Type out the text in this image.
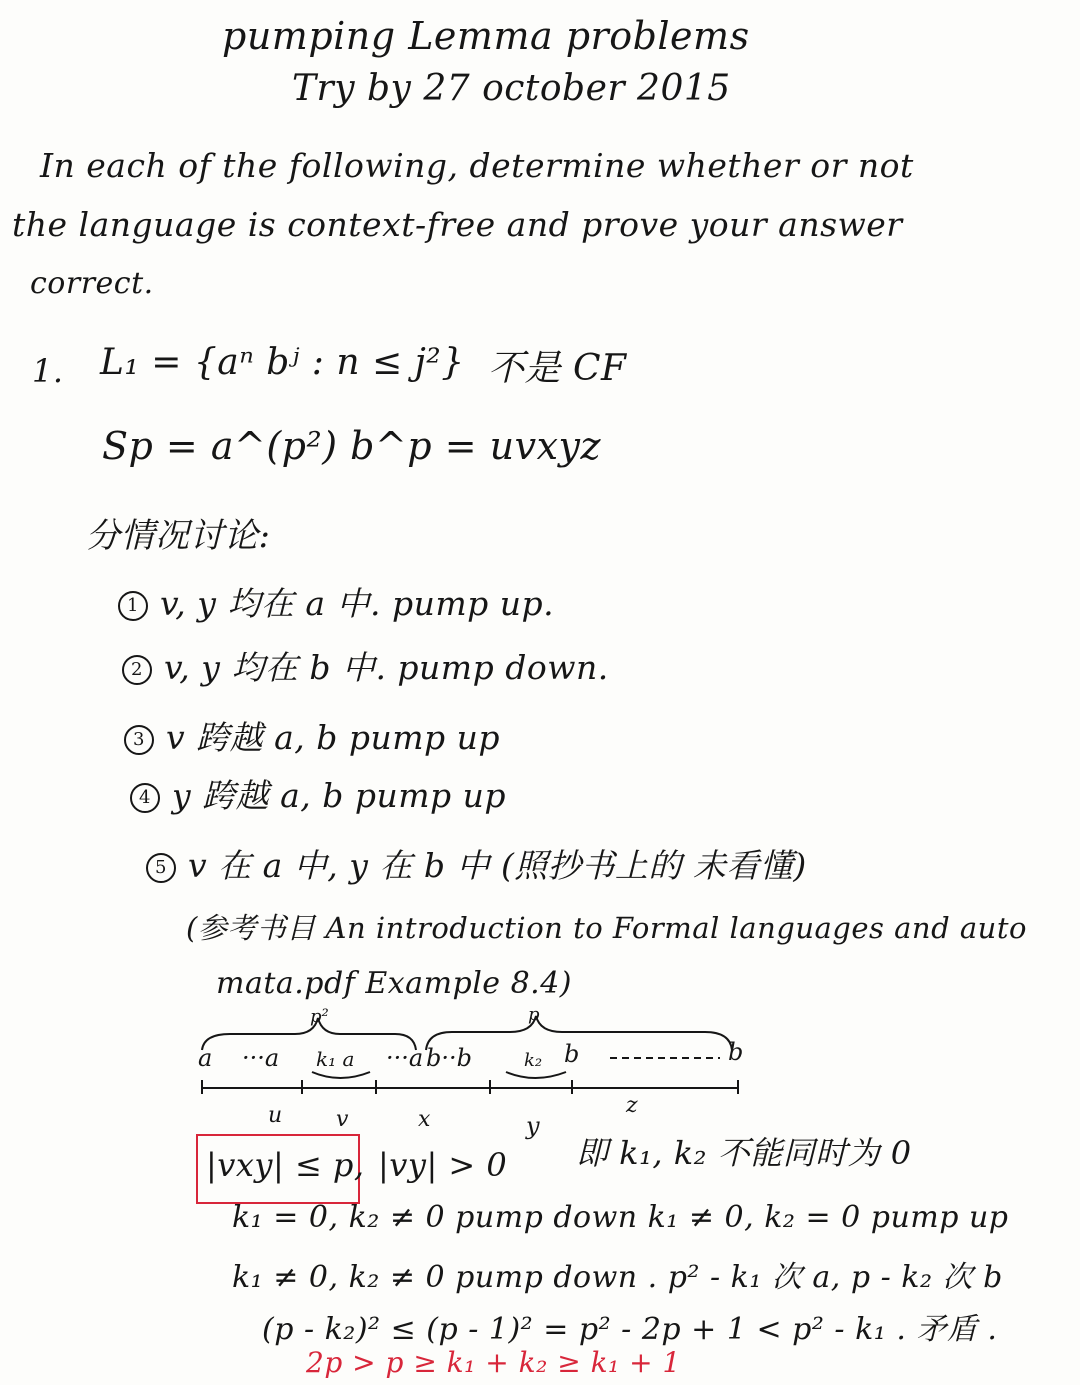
pumping Lemma problems
Try by 27 october 2015
In each of the following, determine whether or not
the language is context-free and prove your answer
correct.
1. L₁ = {aⁿ bʲ : n ≤ j²} 不是 CF
Sp = a^(p²) b^p = uvxyz
分情况讨论:
1 v, y 均在 a 中. pump up.
2 v, y 均在 b 中. pump down.
3 v 跨越 a, b pump up
4 y 跨越 a, b pump up
5 v 在 a 中, y 在 b 中 (照抄书上的 未看懂)
(参考书目 An introduction to Formal languages and auto
mata.pdf Example 8.4)
p²	p
a ···a k₁ a ···a b··b	k₂ b	b
u v	x	y
z
|vxy| ≤ p, |vy| > 0 即 k₁, k₂ 不能同时为 0
k₁ = 0, k₂ ≠ 0 pump down k₁ ≠ 0, k₂ = 0 pump up
k₁ ≠ 0, k₂ ≠ 0 pump down . p² - k₁ 次 a, p - k₂ 次 b
(p - k₂)² ≤ (p - 1)² = p² - 2p + 1 < p² - k₁ . 矛盾 .
2p > p ≥ k₁ + k₂ ≥ k₁ + 1
